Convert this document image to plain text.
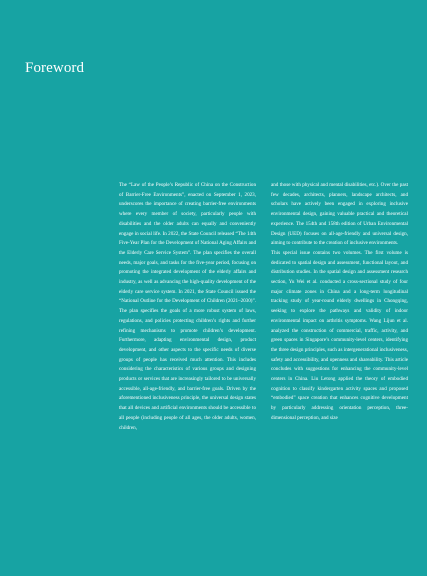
Foreword

The “Law of the People’s Republic of China on the Construction of Barrier-Free Environments”, enacted on September 1, 2023, underscores the importance of creating barrier-free environments where every member of society, particularly people with disabilities and the older adults can equally and conveniently engage in social life. In 2022, the State Council released “The 14th Five-Year Plan for the Development of National Aging Affairs and the Elderly Care Service System”. The plan specifies the overall needs, major goals, and tasks for the five-year period, focusing on promoting the integrated development of the elderly affairs and industry, as well as advancing the high-quality development of the elderly care service system. In 2021, the State Council issued the “National Outline for the Development of Children (2021–2030)”. The plan specifies the goals of a more robust system of laws, regulations, and policies protecting children’s rights and further refining mechanisms to promote children’s development. Furthermore, adapting environmental design, product development, and other aspects to the specific needs of diverse groups of people has received much attention. This includes considering the characteristics of various groups and designing products or services that are increasingly tailored to be universally accessible, all-age-friendly, and barrier-free goals. Driven by the aforementioned inclusiveness principle, the universal design states that all devices and artificial environments should be accessible to all people (including people of all ages, the older adults, women, children,

and those with physical and mental disabilities, etc.). Over the past few decades, architects, planners, landscape architects, and scholars have actively been engaged in exploring inclusive environmental design, gaining valuable practical and theoretical experience. The 154th and 158th edition of Urban Environmental Design (UED) focuses on all-age-friendly and universal design, aiming to contribute to the creation of inclusive environments.

This special issue contains two volumes. The first volume is dedicated to spatial design and assessment, functional layout, and distribution studies. In the spatial design and assessment research section, Yu Wei et al. conducted a cross-sectional study of four major climate zones in China and a long-term longitudinal tracking study of year-round elderly dwellings in Chongqing, seeking to explore the pathways and validity of indoor environmental impact on arthritis symptoms. Wang Lijun et al. analyzed the construction of commercial, traffic, activity, and green spaces in Singapore’s community-level centers, identifying the three design principles, such as intergenerational inclusiveness, safety and accessibility, and openness and shareability. This article concludes with suggestions for enhancing the community-level centers in China. Liu Letong applied the theory of embodied cognition to classify kindergarten activity spaces and proposed “embodied” space creation that enhances cognitive development by particularly addressing orientation perception, three-dimensional perception, and size
